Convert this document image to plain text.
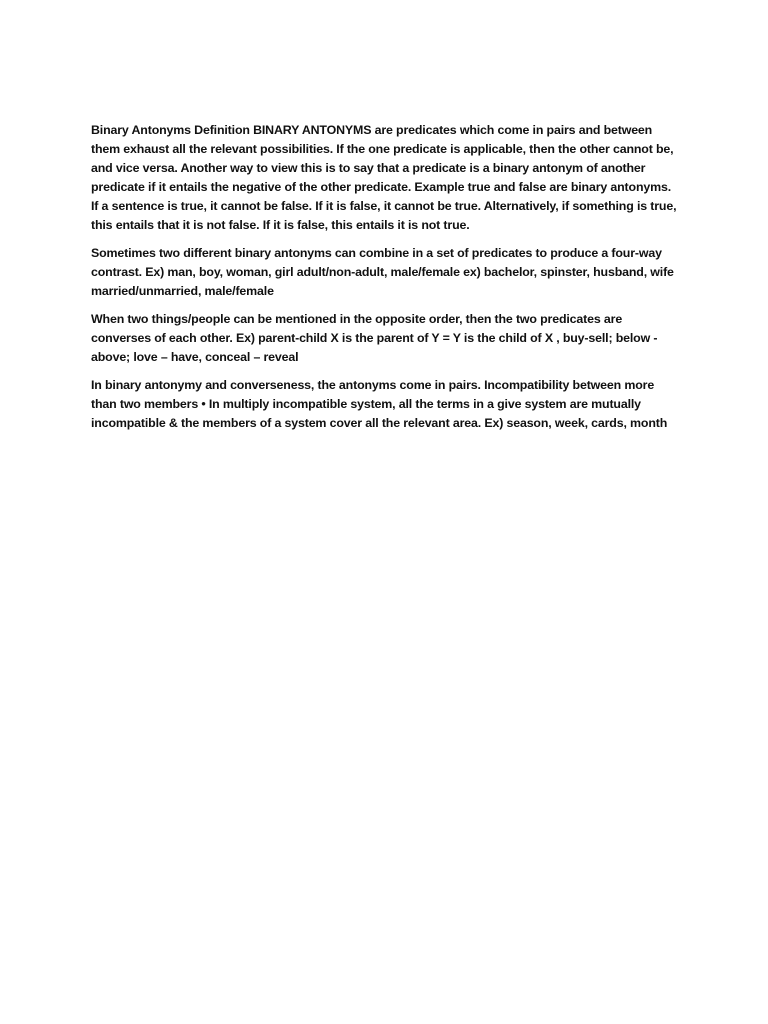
Binary Antonyms Definition BINARY ANTONYMS are predicates which come in pairs and between them exhaust all the relevant possibilities. If the one predicate is applicable, then the other cannot be, and vice versa. Another way to view this is to say that a predicate is a binary antonym of another predicate if it entails the negative of the other predicate. Example true and false are binary antonyms. If a sentence is true, it cannot be false. If it is false, it cannot be true. Alternatively, if something is true, this entails that it is not false. If it is false, this entails it is not true.

Sometimes two different binary antonyms can combine in a set of predicates to produce a four-way contrast. Ex) man, boy, woman, girl adult/non-adult, male/female ex) bachelor, spinster, husband, wife married/unmarried, male/female

When two things/people can be mentioned in the opposite order, then the two predicates are converses of each other. Ex) parent-child X is the parent of Y = Y is the child of X , buy-sell; below - above; love – have, conceal – reveal

In binary antonymy and converseness, the antonyms come in pairs. Incompatibility between more than two members • In multiply incompatible system, all the terms in a give system are mutually incompatible & the members of a system cover all the relevant area. Ex) season, week, cards, month
